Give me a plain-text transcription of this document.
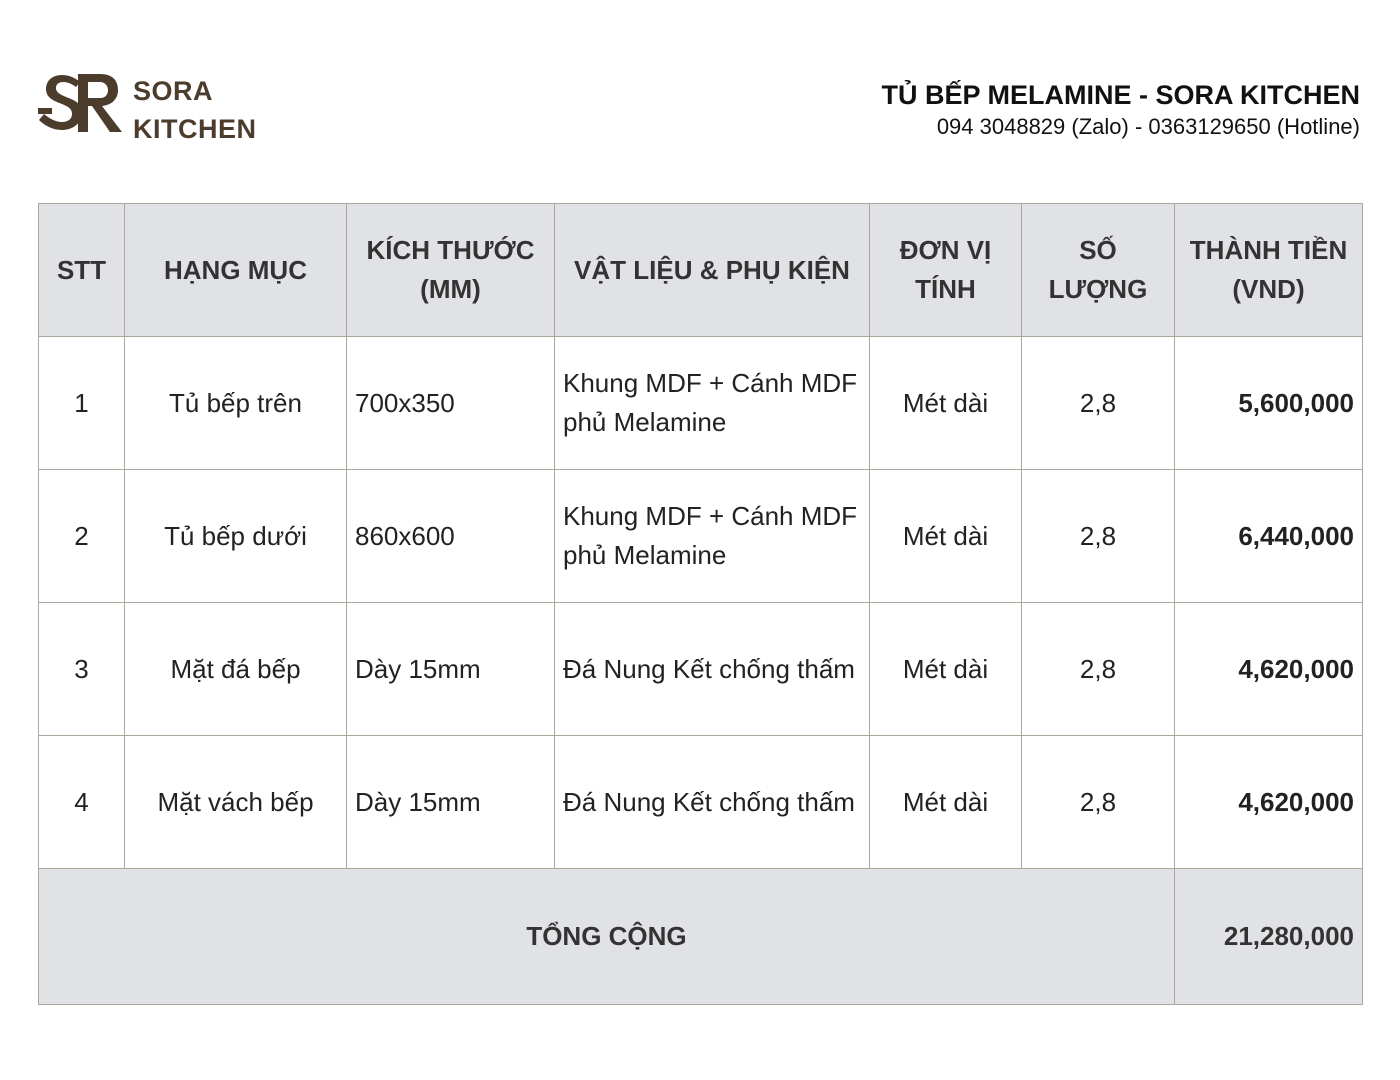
SORA
KITCHEN
TỦ BẾP MELAMINE - SORA KITCHEN
094 3048829 (Zalo) - 0363129650 (Hotline)
STT	HẠNG MỤC	KÍCH THƯỚC (MM)	VẬT LIỆU & PHỤ KIỆN	ĐƠN VỊ TÍNH	SỐ LƯỢNG	THÀNH TIỀN (VND)
1	Tủ bếp trên	700x350	Khung MDF + Cánh MDF phủ Melamine	Mét dài	2,8	5,600,000
2	Tủ bếp dưới	860x600	Khung MDF + Cánh MDF phủ Melamine	Mét dài	2,8	6,440,000
3	Mặt đá bếp	Dày 15mm	Đá Nung Kết chống thấm	Mét dài	2,8	4,620,000
4	Mặt vách bếp	Dày 15mm	Đá Nung Kết chống thấm	Mét dài	2,8	4,620,000
TỔNG CỘNG						21,280,000
